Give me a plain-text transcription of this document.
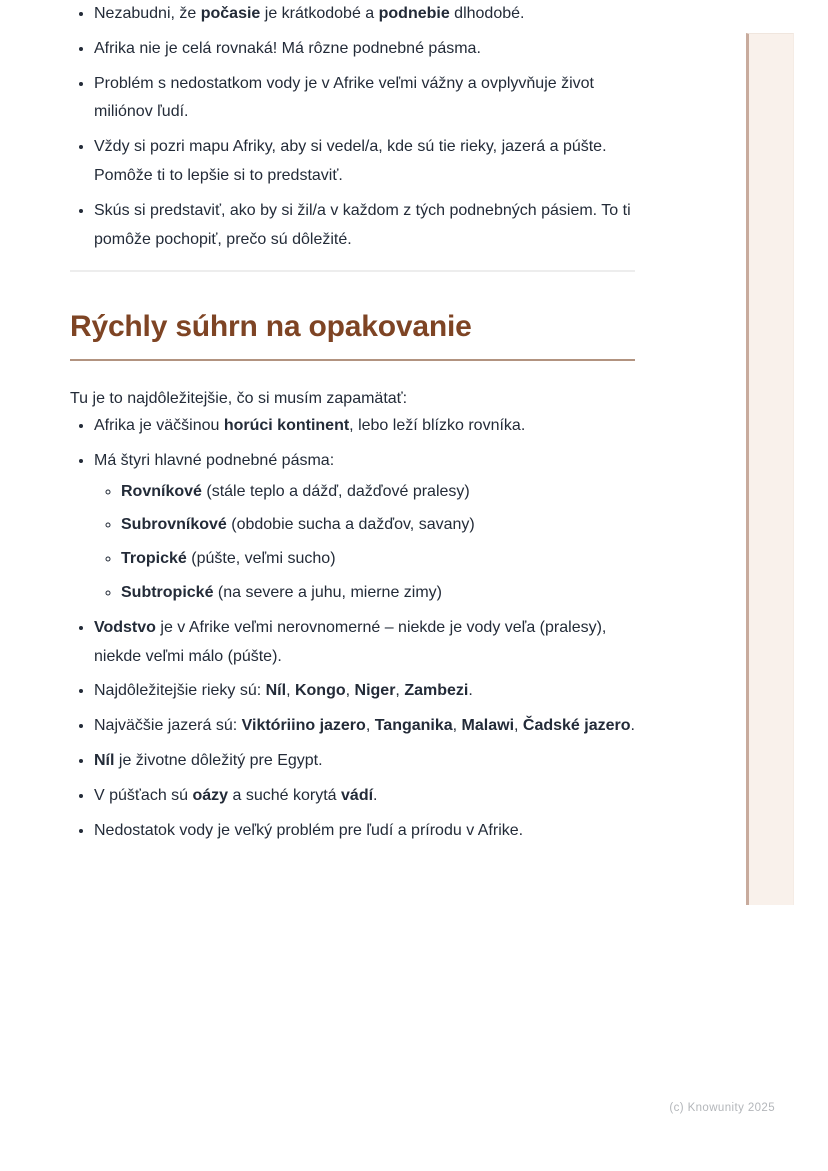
• Nezabudni, že počasie je krátkodobé a podnebie dlhodobé.
• Afrika nie je celá rovnaká! Má rôzne podnebné pásma.
• Problém s nedostatkom vody je v Afrike veľmi vážny a ovplyvňuje život miliónov ľudí.
• Vždy si pozri mapu Afriky, aby si vedel/a, kde sú tie rieky, jazerá a púšte. Pomôže ti to lepšie si to predstaviť.
• Skús si predstaviť, ako by si žil/a v každom z tých podnebných pásiem. To ti pomôže pochopiť, prečo sú dôležité.
Rýchly súhrn na opakovanie

Tu je to najdôležitejšie, čo si musím zapamätať:

• Afrika je väčšinou horúci kontinent, lebo leží blízko rovníka.
• Má štyri hlavné podnebné pásma:
◦ Rovníkové (stále teplo a dážď, dažďové pralesy)
◦ Subrovníkové (obdobie sucha a dažďov, savany)
◦ Tropické (púšte, veľmi sucho)
◦ Subtropické (na severe a juhu, mierne zimy)
• Vodstvo je v Afrike veľmi nerovnomerné – niekde je vody veľa (pralesy), niekde veľmi málo (púšte).
• Najdôležitejšie rieky sú: Níl, Kongo, Niger, Zambezi.
• Najväčšie jazerá sú: Viktóriino jazero, Tanganika, Malawi, Čadské jazero.
• Níl je životne dôležitý pre Egypt.
• V púšťach sú oázy a suché korytá vádí.
• Nedostatok vody je veľký problém pre ľudí a prírodu v Afrike.
(c) Knowunity 2025
